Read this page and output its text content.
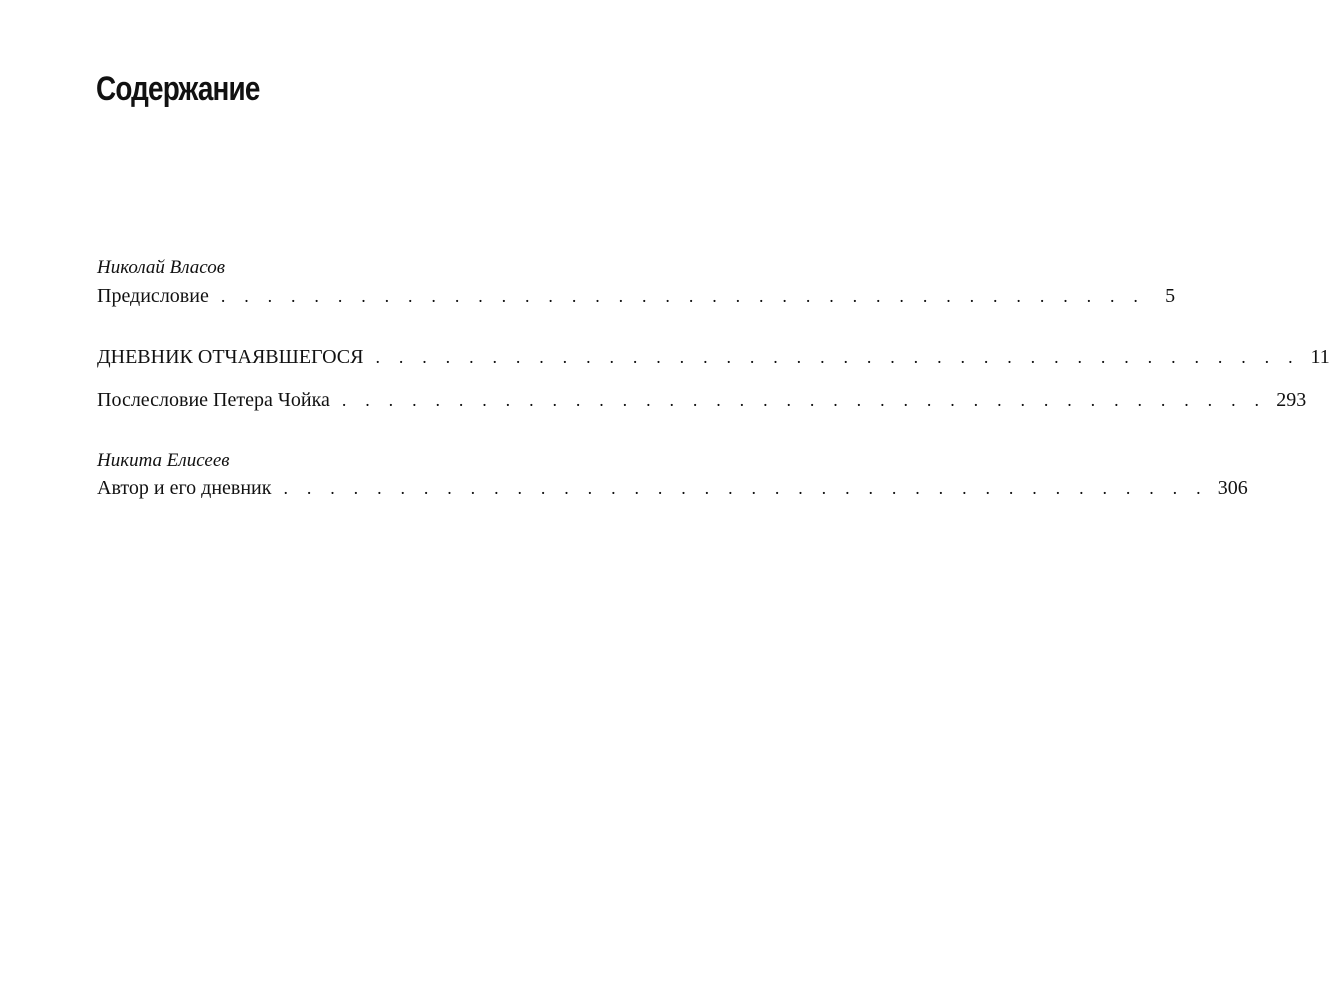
Содержание
Николай Власов
Предисловие . . . . . . . . . . . . . . . . . . . . . . . . . . . . . . . . . . . . . . . .	5
ДНЕВНИК ОТЧАЯВШЕГОСЯ . . . . . . . . . . . . . . . . . . . . . . . . . . . . . . . . . . . . . . . . 11
Послесловие Петера Чойка . . . . . . . . . . . . . . . . . . . . . . . . . . . . . . . . . . . . . . . . 293
Никита Елисеев
Автор и его дневник . . . . . . . . . . . . . . . . . . . . . . . . . . . . . . . . . . . . . . . . 306
